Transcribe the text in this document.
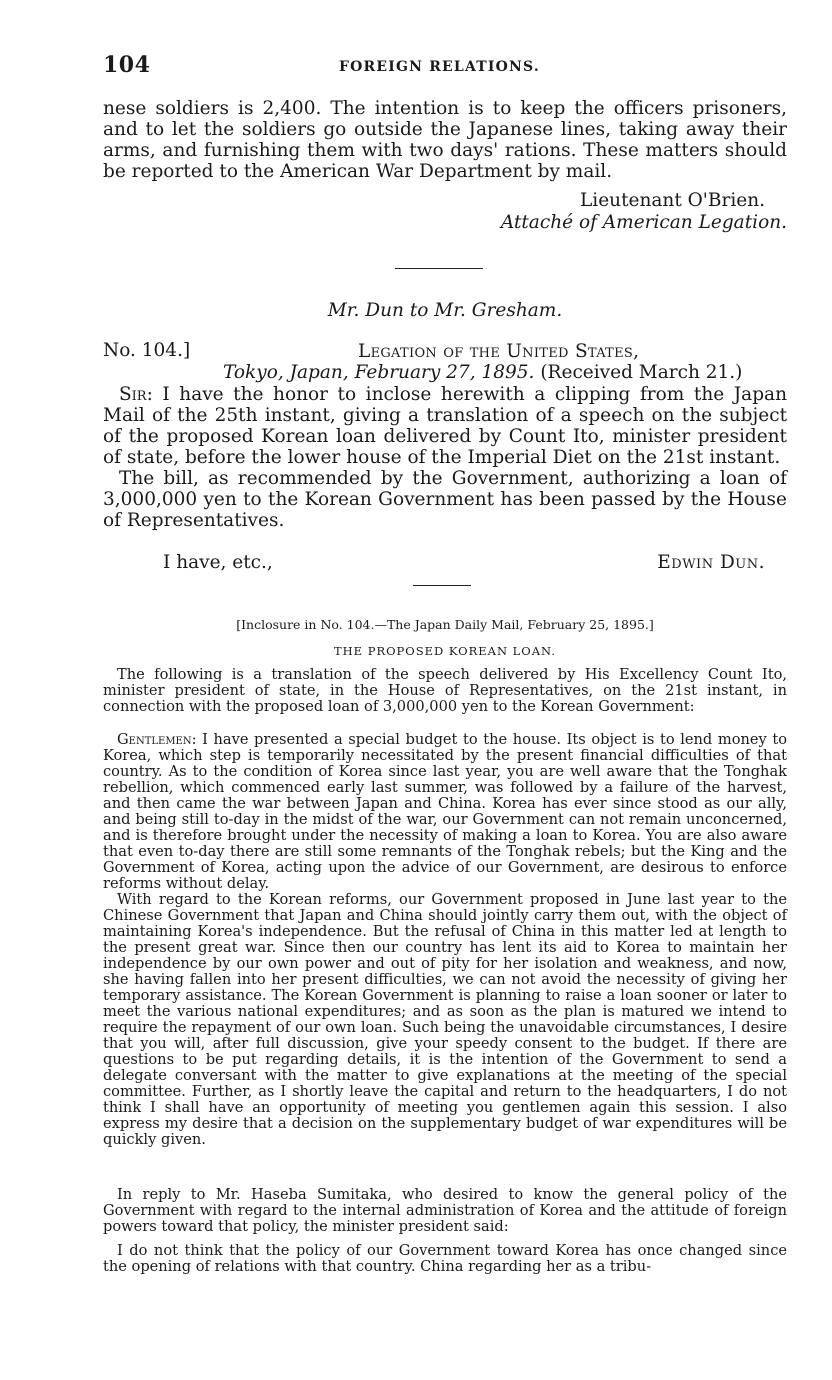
104	FOREIGN RELATIONS.
nese soldiers is 2,400. The intention is to keep the officers prisoners, and to let the soldiers go outside the Japanese lines, taking away their arms, and furnishing them with two days' rations. These matters should be reported to the American War Department by mail.
Lieutenant O'Brien.
Attaché of American Legation.
Mr. Dun to Mr. Gresham.
No. 104.]	Legation of the United States,
Tokyo, Japan, February 27, 1895. (Received March 21.)

Sir: I have the honor to inclose herewith a clipping from the Japan Mail of the 25th instant, giving a translation of a speech on the subject of the proposed Korean loan delivered by Count Ito, minister president of state, before the lower house of the Imperial Diet on the 21st instant.

The bill, as recommended by the Government, authorizing a loan of 3,000,000 yen to the Korean Government has been passed by the House of Representatives.

I have, etc.,	Edwin Dun.
[Inclosure in No. 104.—The Japan Daily Mail, February 25, 1895.]
THE PROPOSED KOREAN LOAN.

The following is a translation of the speech delivered by His Excellency Count Ito, minister president of state, in the House of Representatives, on the 21st instant, in connection with the proposed loan of 3,000,000 yen to the Korean Government:

Gentlemen: I have presented a special budget to the house. Its object is to lend money to Korea, which step is temporarily necessitated by the present financial difficulties of that country. As to the condition of Korea since last year, you are well aware that the Tonghak rebellion, which commenced early last summer, was followed by a failure of the harvest, and then came the war between Japan and China. Korea has ever since stood as our ally, and being still to-day in the midst of the war, our Government can not remain unconcerned, and is therefore brought under the necessity of making a loan to Korea. You are also aware that even to-day there are still some remnants of the Tonghak rebels; but the King and the Government of Korea, acting upon the advice of our Government, are desirous to enforce reforms without delay.

With regard to the Korean reforms, our Government proposed in June last year to the Chinese Government that Japan and China should jointly carry them out, with the object of maintaining Korea's independence. But the refusal of China in this matter led at length to the present great war. Since then our country has lent its aid to Korea to maintain her independence by our own power and out of pity for her isolation and weakness, and now, she having fallen into her present difficulties, we can not avoid the necessity of giving her temporary assistance. The Korean Government is planning to raise a loan sooner or later to meet the various national expenditures; and as soon as the plan is matured we intend to require the repayment of our own loan. Such being the unavoidable circumstances, I desire that you will, after full discussion, give your speedy consent to the budget. If there are questions to be put regarding details, it is the intention of the Government to send a delegate conversant with the matter to give explanations at the meeting of the special committee. Further, as I shortly leave the capital and return to the headquarters, I do not think I shall have an opportunity of meeting you gentlemen again this session. I also express my desire that a decision on the supplementary budget of war expenditures will be quickly given.

In reply to Mr. Haseba Sumitaka, who desired to know the general policy of the Government with regard to the internal administration of Korea and the attitude of foreign powers toward that policy, the minister president said:

I do not think that the policy of our Government toward Korea has once changed since the opening of relations with that country. China regarding her as a tribu-
